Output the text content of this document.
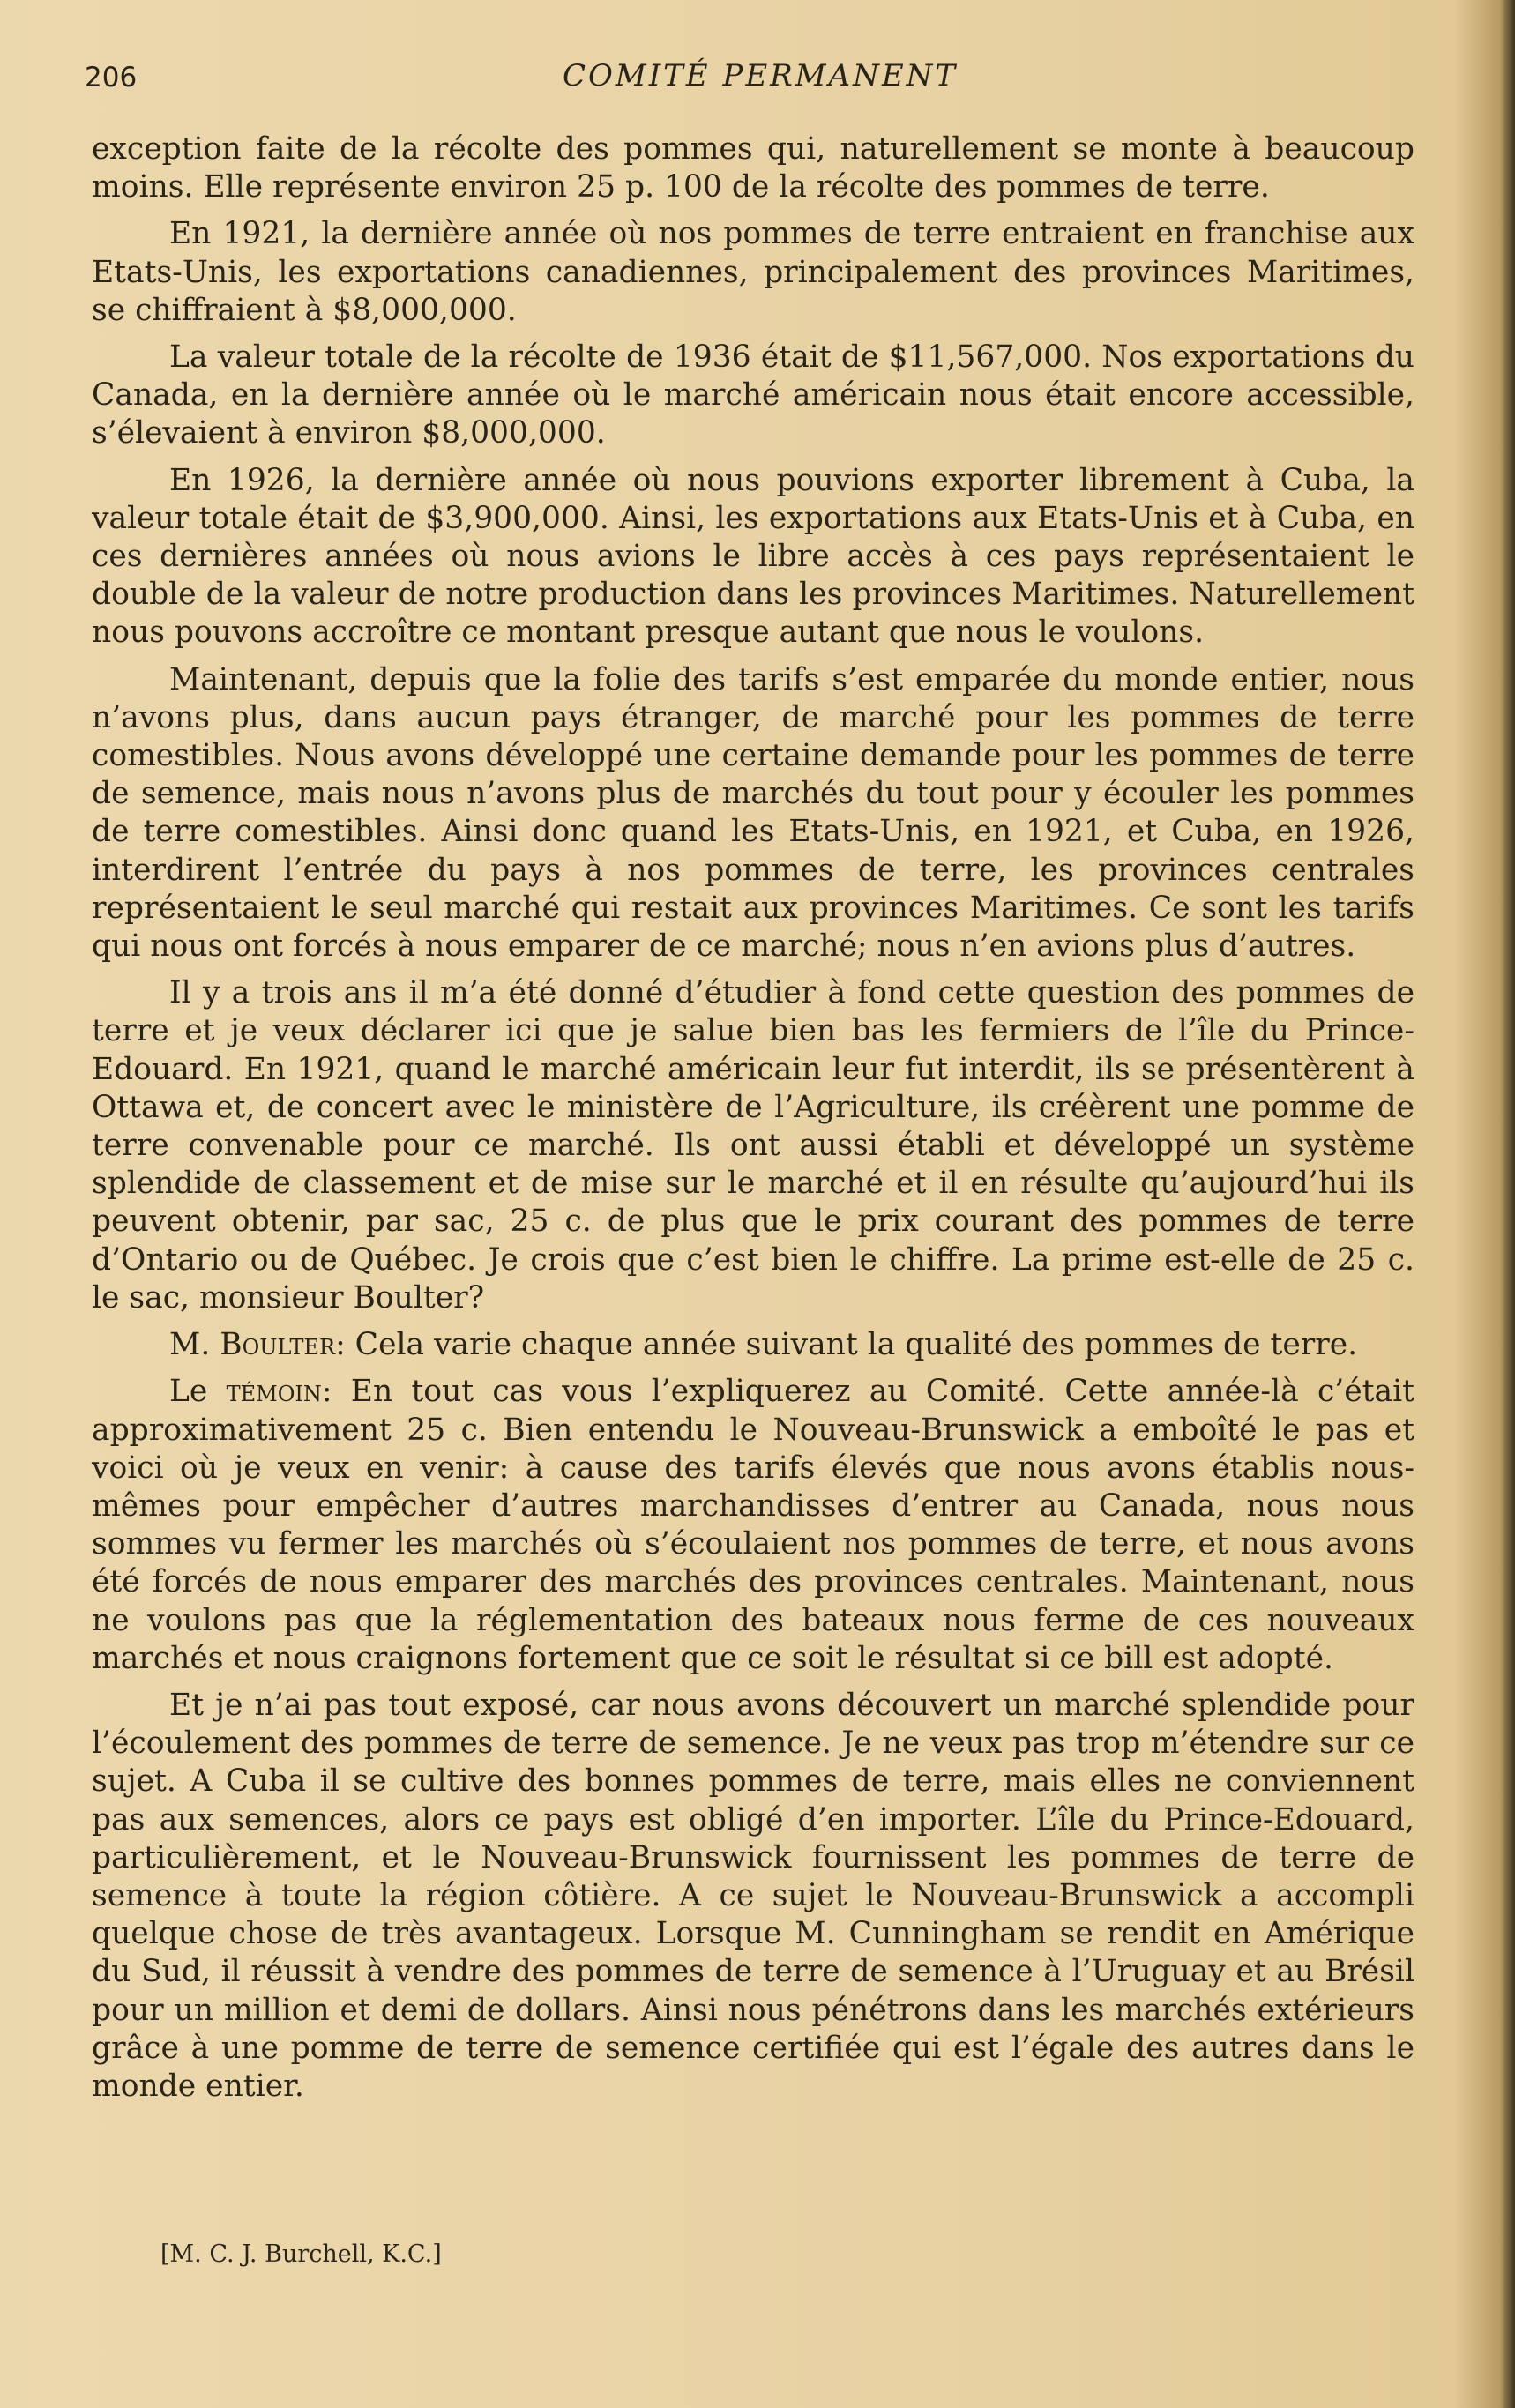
206	COMITÉ PERMANENT

exception faite de la récolte des pommes qui, naturellement se monte à beaucoup moins. Elle représente environ 25 p. 100 de la récolte des pommes de terre.

En 1921, la dernière année où nos pommes de terre entraient en franchise aux Etats-Unis, les exportations canadiennes, principalement des provinces Maritimes, se chiffraient à $8,000,000.

La valeur totale de la récolte de 1936 était de $11,567,000. Nos exportations du Canada, en la dernière année où le marché américain nous était encore accessible, s’élevaient à environ $8,000,000.

En 1926, la dernière année où nous pouvions exporter librement à Cuba, la valeur totale était de $3,900,000. Ainsi, les exportations aux Etats-Unis et à Cuba, en ces dernières années où nous avions le libre accès à ces pays représentaient le double de la valeur de notre production dans les provinces Maritimes. Naturellement nous pouvons accroître ce montant presque autant que nous le voulons.

Maintenant, depuis que la folie des tarifs s’est emparée du monde entier, nous n’avons plus, dans aucun pays étranger, de marché pour les pommes de terre comestibles. Nous avons développé une certaine demande pour les pommes de terre de semence, mais nous n’avons plus de marchés du tout pour y écouler les pommes de terre comestibles. Ainsi donc quand les Etats-Unis, en 1921, et Cuba, en 1926, interdirent l’entrée du pays à nos pommes de terre, les provinces centrales représentaient le seul marché qui restait aux provinces Maritimes. Ce sont les tarifs qui nous ont forcés à nous emparer de ce marché; nous n’en avions plus d’autres.

Il y a trois ans il m’a été donné d’étudier à fond cette question des pommes de terre et je veux déclarer ici que je salue bien bas les fermiers de l’île du Prince-Edouard. En 1921, quand le marché américain leur fut interdit, ils se présentèrent à Ottawa et, de concert avec le ministère de l’Agriculture, ils créèrent une pomme de terre convenable pour ce marché. Ils ont aussi établi et développé un système splendide de classement et de mise sur le marché et il en résulte qu’aujourd’hui ils peuvent obtenir, par sac, 25 c. de plus que le prix courant des pommes de terre d’Ontario ou de Québec. Je crois que c’est bien le chiffre. La prime est-elle de 25 c. le sac, monsieur Boulter?

M. Boulter: Cela varie chaque année suivant la qualité des pommes de terre.

Le témoin: En tout cas vous l’expliquerez au Comité. Cette année-là c’était approximativement 25 c. Bien entendu le Nouveau-Brunswick a emboîté le pas et voici où je veux en venir: à cause des tarifs élevés que nous avons établis nous-mêmes pour empêcher d’autres marchandisses d’entrer au Canada, nous nous sommes vu fermer les marchés où s’écoulaient nos pommes de terre, et nous avons été forcés de nous emparer des marchés des provinces centrales. Maintenant, nous ne voulons pas que la réglementation des bateaux nous ferme de ces nouveaux marchés et nous craignons fortement que ce soit le résultat si ce bill est adopté.

Et je n’ai pas tout exposé, car nous avons découvert un marché splendide pour l’écoulement des pommes de terre de semence. Je ne veux pas trop m’étendre sur ce sujet. A Cuba il se cultive des bonnes pommes de terre, mais elles ne conviennent pas aux semences, alors ce pays est obligé d’en importer. L’île du Prince-Edouard, particulièrement, et le Nouveau-Brunswick fournissent les pommes de terre de semence à toute la région côtière. A ce sujet le Nouveau-Brunswick a accompli quelque chose de très avantageux. Lorsque M. Cunningham se rendit en Amérique du Sud, il réussit à vendre des pommes de terre de semence à l’Uruguay et au Brésil pour un million et demi de dollars. Ainsi nous pénétrons dans les marchés extérieurs grâce à une pomme de terre de semence certifiée qui est l’égale des autres dans le monde entier.

[M. C. J. Burchell, K.C.]
